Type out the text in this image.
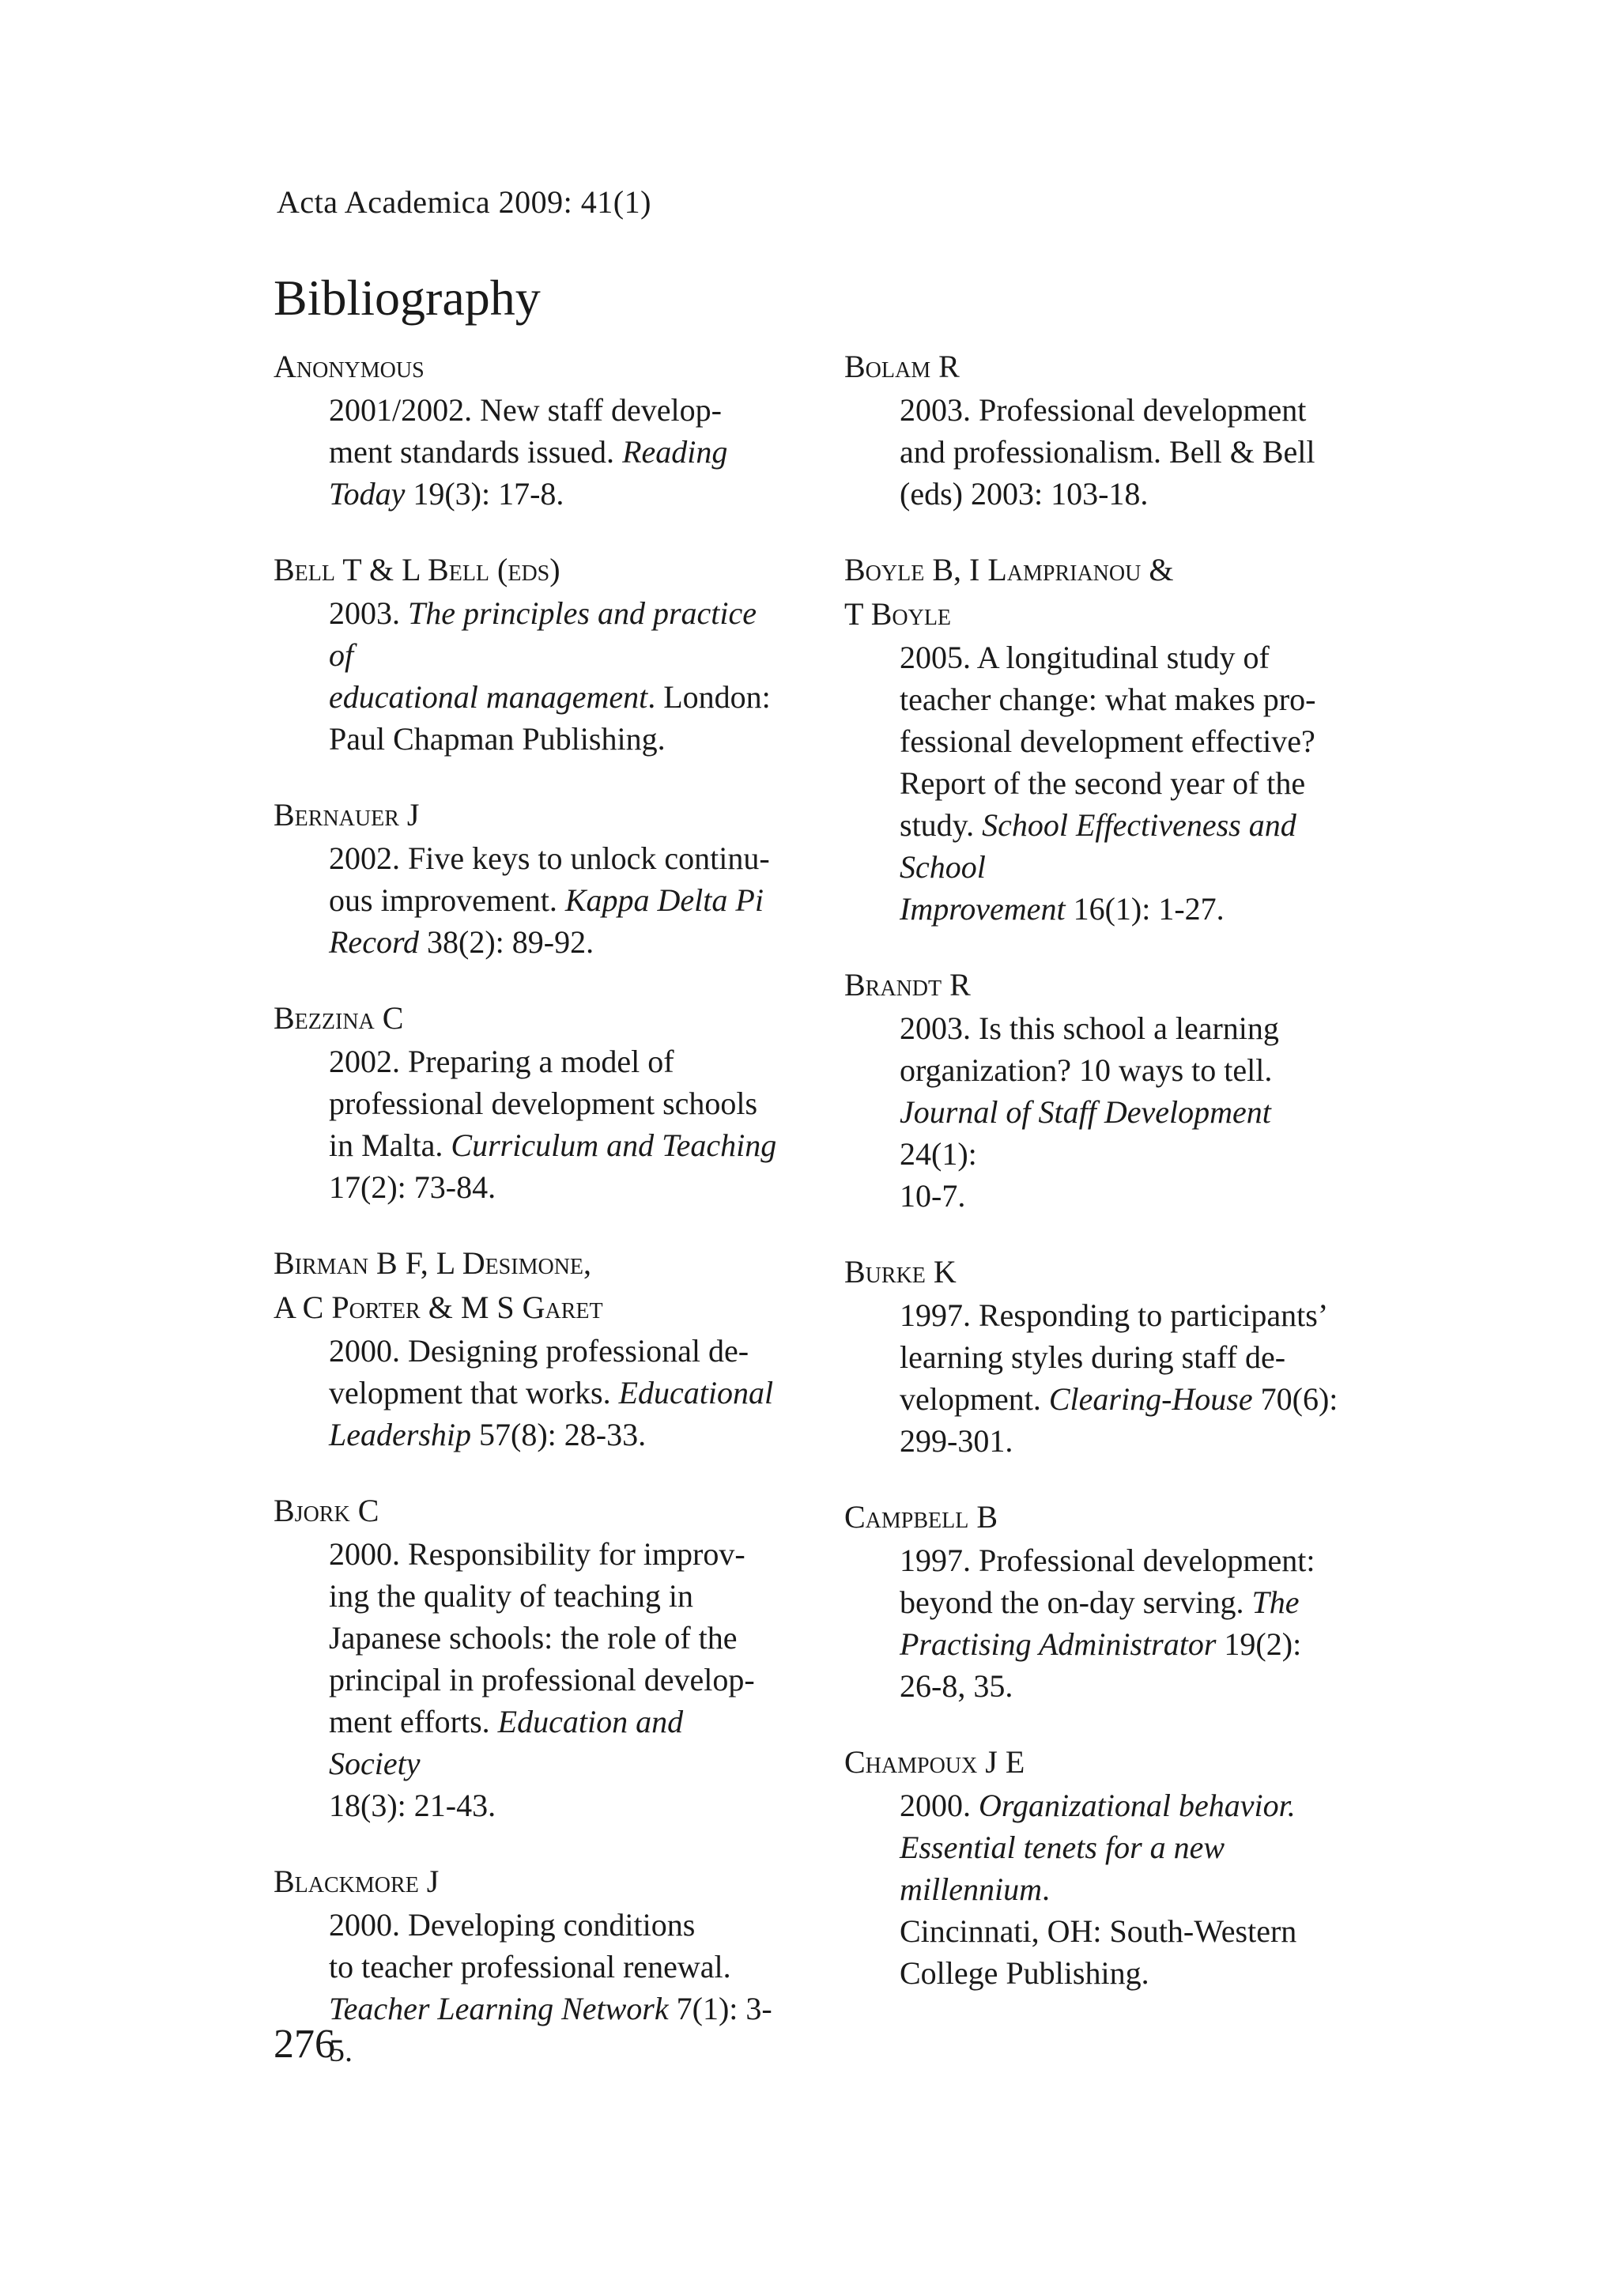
Acta Academica 2009: 41(1)
Bibliography

Anonymous

2001/2002. New staff develop-

ment standards issued. Reading

Today 19(3): 17-8.

Bell T & L Bell (eds)

2003. The principles and practice of

educational management. London:

Paul Chapman Publishing.

Bernauer J

2002. Five keys to unlock continu-

ous improvement. Kappa Delta Pi

Record 38(2): 89-92.

Bezzina C

2002. Preparing a model of

professional development schools

in Malta. Curriculum and Teaching

17(2): 73-84.

Birman B F, L Desimone,

A C Porter & M S Garet

2000. Designing professional de-

velopment that works. Educational

Leadership 57(8): 28-33.

Bjork C

2000. Responsibility for improv-

ing the quality of teaching in

Japanese schools: the role of the

principal in professional develop-

ment efforts. Education and Society

18(3): 21-43.

Blackmore J

2000. Developing conditions

to teacher professional renewal.

Teacher Learning Network 7(1): 3-5.

Bolam R

2003. Professional development

and professionalism. Bell & Bell

(eds) 2003: 103-18.

Boyle B, I Lamprianou &

T Boyle

2005. A longitudinal study of

teacher change: what makes pro-

fessional development effective?

Report of the second year of the

study. School Effectiveness and School

Improvement 16(1): 1-27.

Brandt R

2003. Is this school a learning

organization? 10 ways to tell.

Journal of Staff Development 24(1):

10-7.

Burke K

1997. Responding to participants’

learning styles during staff de-

velopment. Clearing-House 70(6):

299-301.

Campbell B

1997. Professional development:

beyond the on-day serving. The

Practising Administrator 19(2):

26-8, 35.

Champoux J E

2000. Organizational behavior.

Essential tenets for a new millennium.

Cincinnati, OH: South-Western

College Publishing.

276
